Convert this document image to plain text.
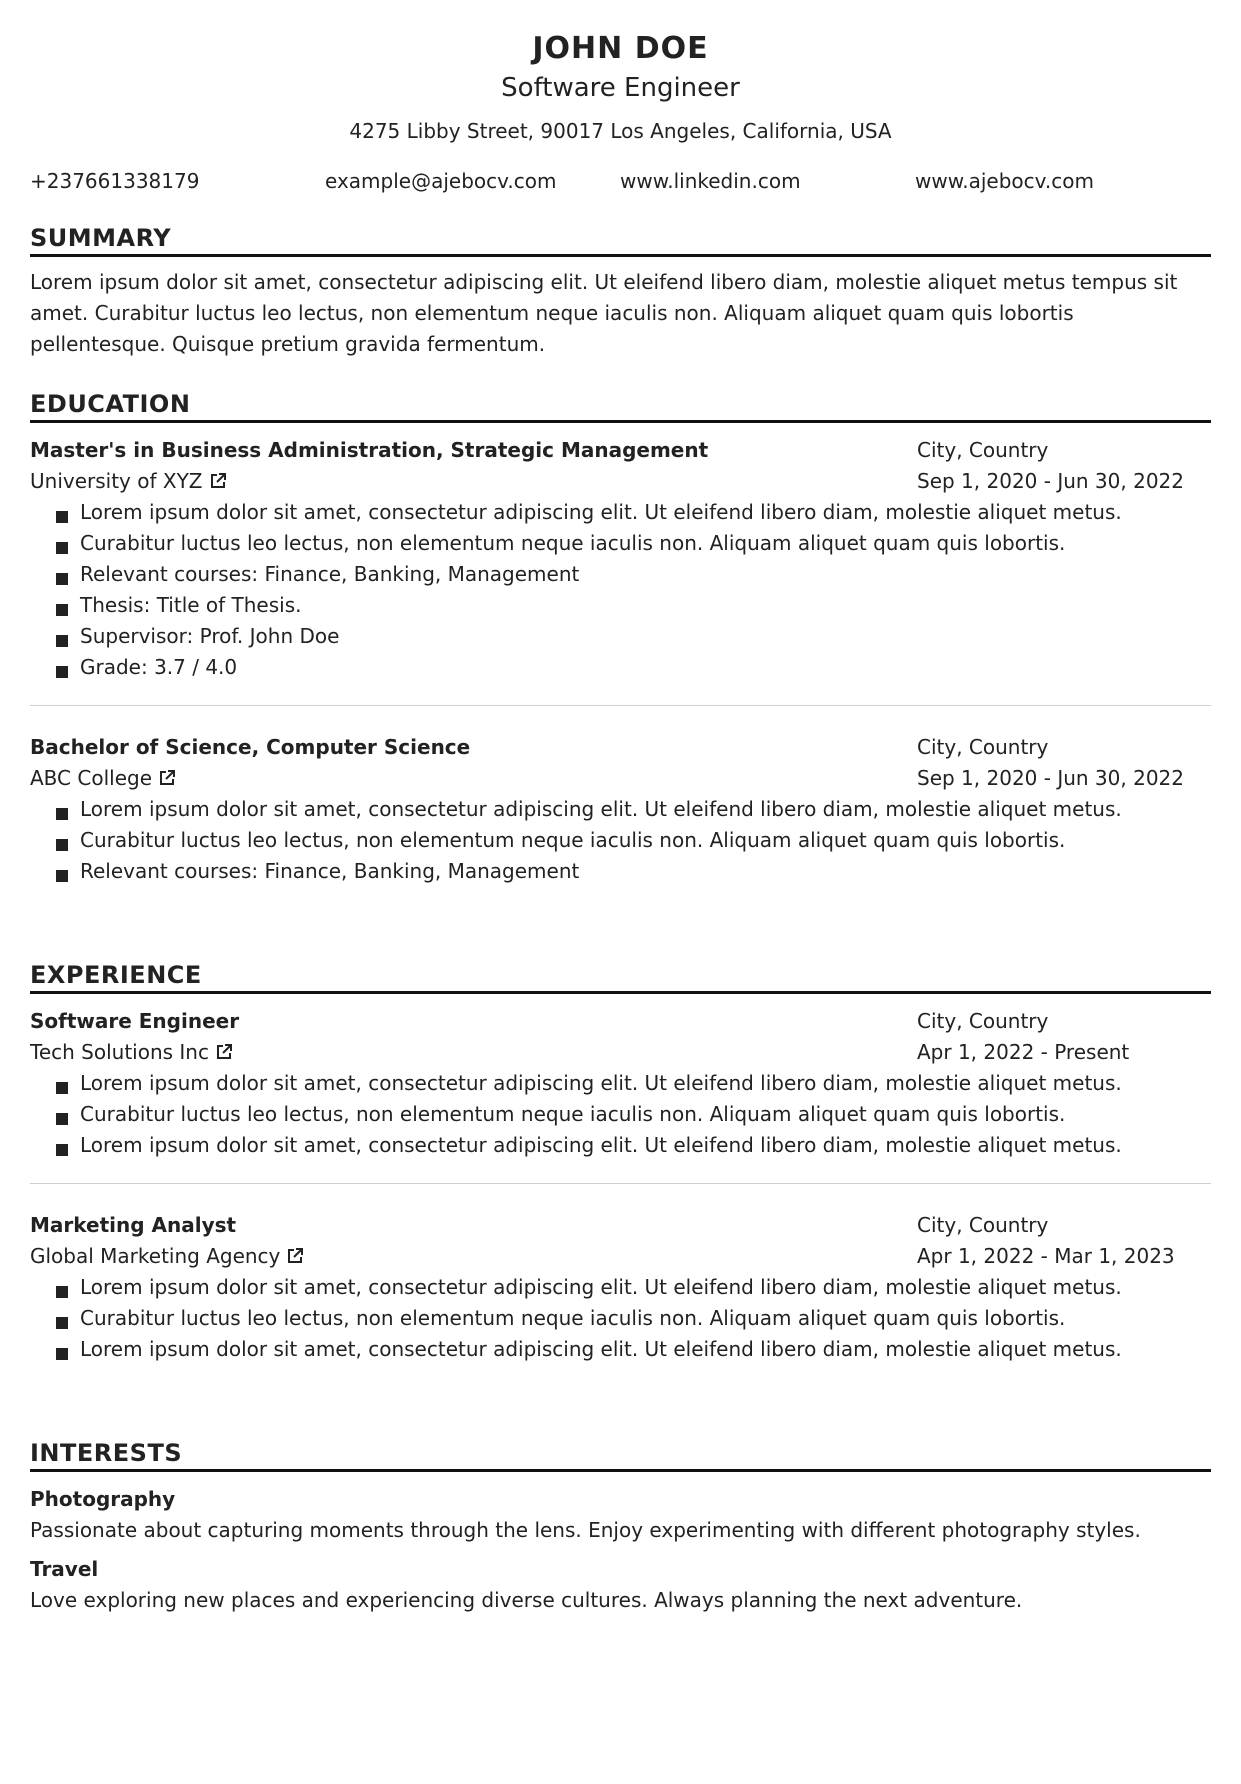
JOHN DOE
Software Engineer
4275 Libby Street, 90017 Los Angeles, California, USA
+237661338179	example@ajebocv.com	www.linkedin.com	www.ajebocv.com
SUMMARY
Lorem ipsum dolor sit amet, consectetur adipiscing elit. Ut eleifend libero diam, molestie aliquet metus tempus sit amet. Curabitur luctus leo lectus, non elementum neque iaculis non. Aliquam aliquet quam quis lobortis pellentesque. Quisque pretium gravida fermentum.
EDUCATION
Master's in Business Administration, Strategic Management	City, Country
University of XYZ	Sep 1, 2020 - Jun 30, 2022
Lorem ipsum dolor sit amet, consectetur adipiscing elit. Ut eleifend libero diam, molestie aliquet metus.
Curabitur luctus leo lectus, non elementum neque iaculis non. Aliquam aliquet quam quis lobortis.
Relevant courses: Finance, Banking, Management
Thesis: Title of Thesis.
Supervisor: Prof. John Doe
Grade: 3.7 / 4.0
Bachelor of Science, Computer Science	City, Country
ABC College	Sep 1, 2020 - Jun 30, 2022
Lorem ipsum dolor sit amet, consectetur adipiscing elit. Ut eleifend libero diam, molestie aliquet metus.
Curabitur luctus leo lectus, non elementum neque iaculis non. Aliquam aliquet quam quis lobortis.
Relevant courses: Finance, Banking, Management
EXPERIENCE
Software Engineer	City, Country
Tech Solutions Inc	Apr 1, 2022 - Present
Lorem ipsum dolor sit amet, consectetur adipiscing elit. Ut eleifend libero diam, molestie aliquet metus.
Curabitur luctus leo lectus, non elementum neque iaculis non. Aliquam aliquet quam quis lobortis.
Lorem ipsum dolor sit amet, consectetur adipiscing elit. Ut eleifend libero diam, molestie aliquet metus.
Marketing Analyst	City, Country
Global Marketing Agency	Apr 1, 2022 - Mar 1, 2023
Lorem ipsum dolor sit amet, consectetur adipiscing elit. Ut eleifend libero diam, molestie aliquet metus.
Curabitur luctus leo lectus, non elementum neque iaculis non. Aliquam aliquet quam quis lobortis.
Lorem ipsum dolor sit amet, consectetur adipiscing elit. Ut eleifend libero diam, molestie aliquet metus.
INTERESTS
Photography
Passionate about capturing moments through the lens. Enjoy experimenting with different photography styles.
Travel
Love exploring new places and experiencing diverse cultures. Always planning the next adventure.
